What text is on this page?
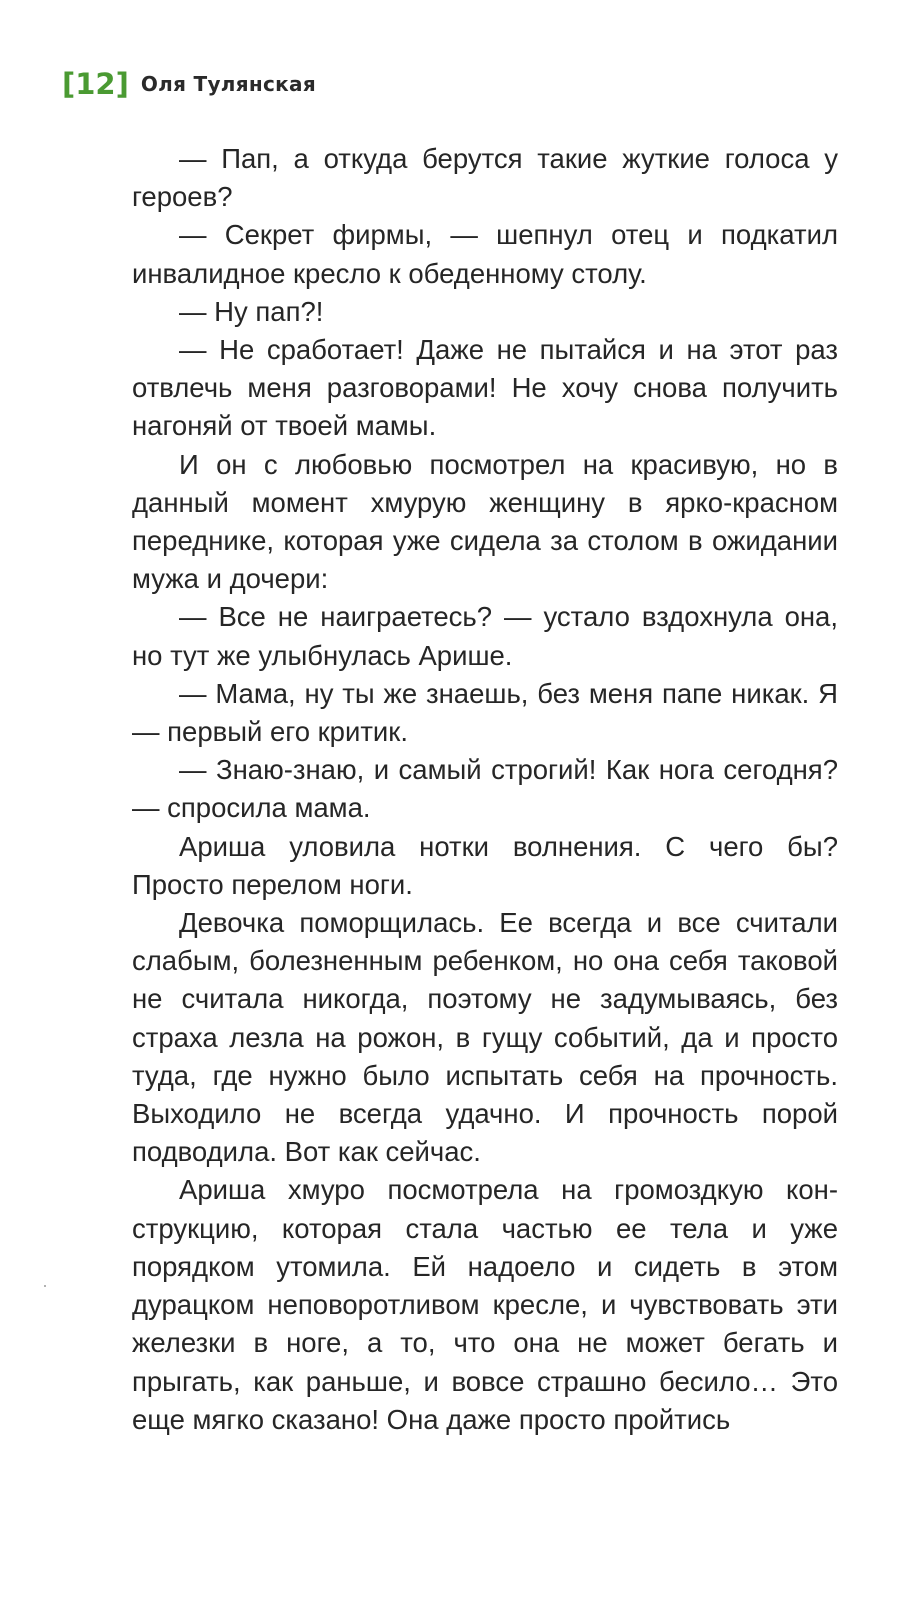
[12] Оля Тулянская

— Пап, а откуда берутся такие жуткие голоса у героев?

— Секрет фирмы, — шепнул отец и подкатил инвалидное кресло к обеденному столу.

— Ну пап?!

— Не сработает! Даже не пытайся и на этот раз отвлечь меня разговорами! Не хочу снова получить нагоняй от твоей мамы.

И он с любовью посмотрел на красивую, но в данный момент хмурую женщину в ярко-красном переднике, которая уже сидела за столом в ожидании мужа и дочери:

— Все не наиграетесь? — устало вздохнула она, но тут же улыбнулась Арише.

— Мама, ну ты же знаешь, без меня папе никак. Я — первый его критик.

— Знаю-знаю, и самый строгий! Как нога сегодня? — спросила мама.

Ариша уловила нотки волнения. С чего бы? Просто перелом ноги.

Девочка поморщилась. Ее всегда и все считали слабым, болезненным ребенком, но она себя таковой не считала никогда, поэтому не задумываясь, без страха лезла на рожон, в гущу событий, да и просто туда, где нужно было испытать себя на прочность. Выходило не всегда удачно. И прочность порой подводила. Вот как сейчас.

Ариша хмуро посмотрела на громоздкую конструкцию, которая стала частью ее тела и уже порядком утомила. Ей надоело и сидеть в этом дурацком неповоротливом кресле, и чувствовать эти железки в ноге, а то, что она не может бегать и прыгать, как раньше, и вовсе страшно бесило… Это еще мягко сказано! Она даже просто пройтись
